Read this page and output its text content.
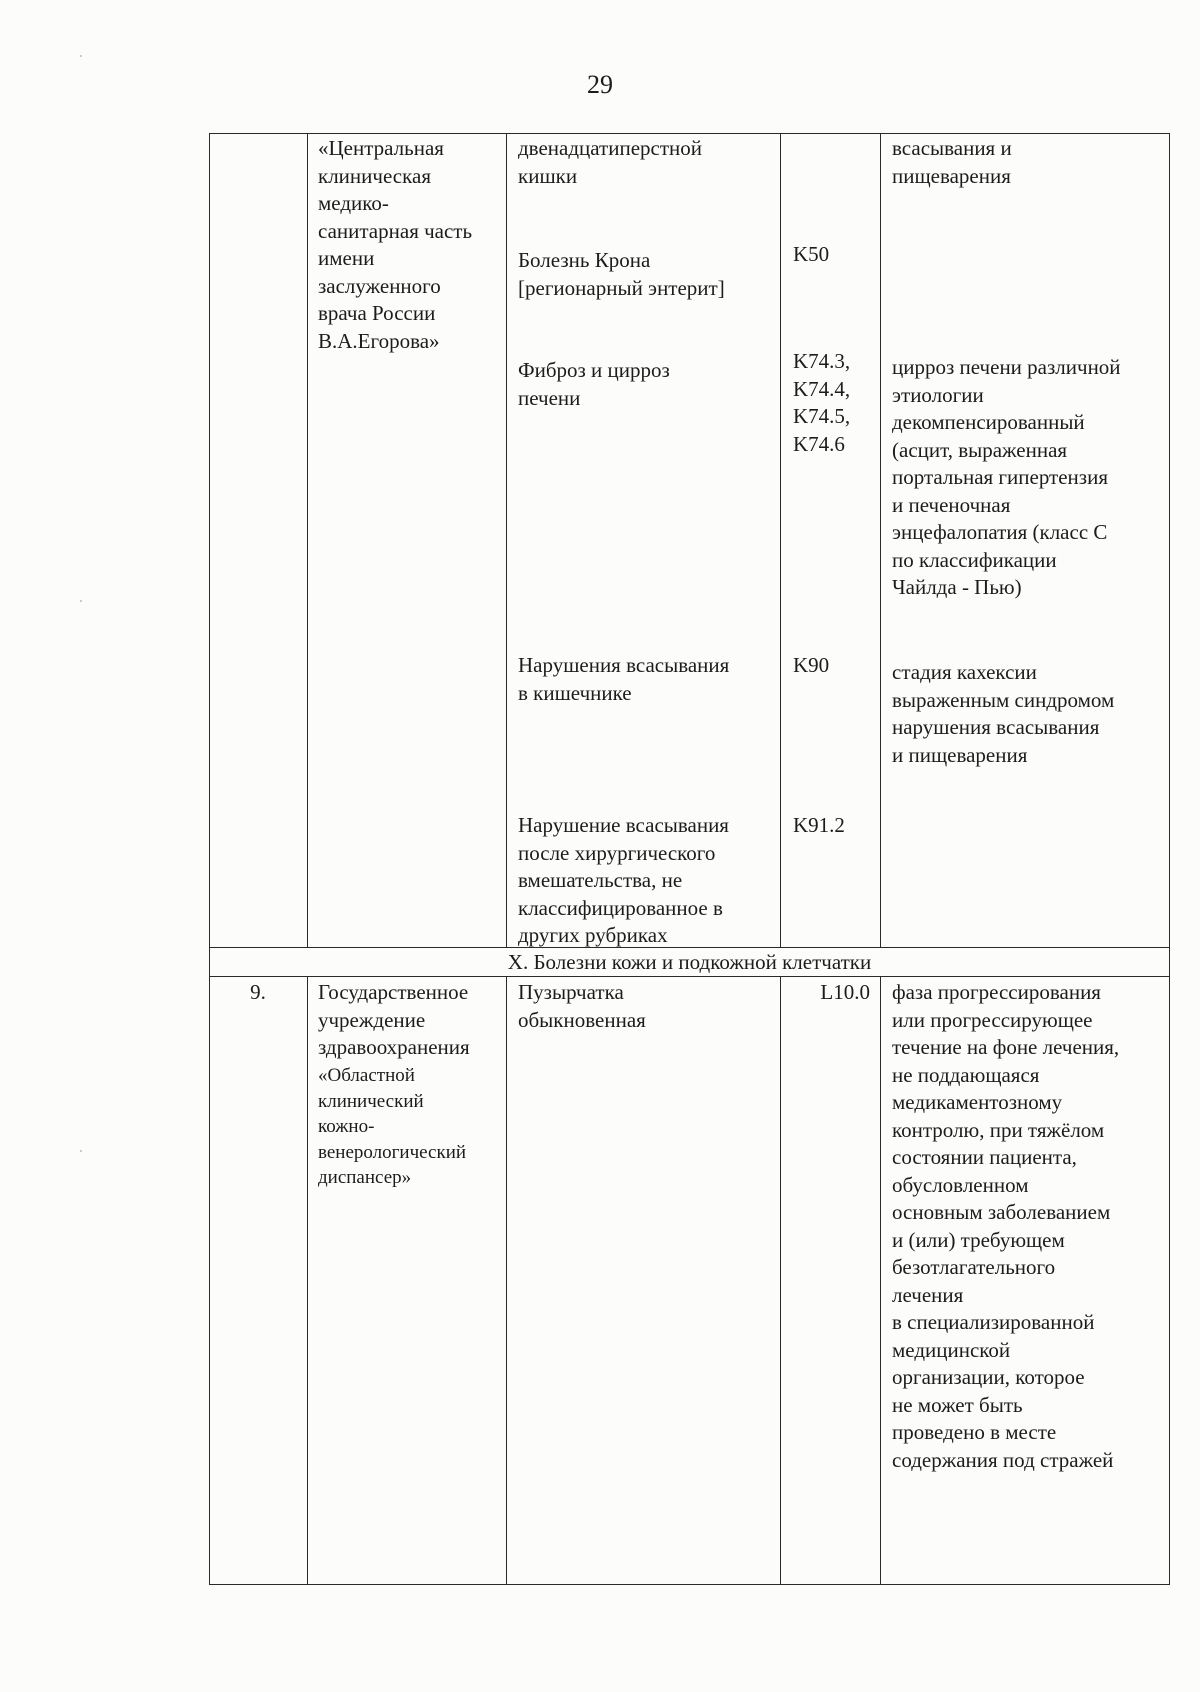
29
«Центральная
клиническая
медико-
санитарная часть
имени
заслуженного
врача России
В.А.Егорова»
двенадцатиперстной
кишки
всасывания и
пищеварения
Болезнь Крона
[регионарный энтерит]
K50
Фиброз и цирроз
печени
K74.3,
K74.4,
K74.5,
K74.6
цирроз печени различной
этиологии
декомпенсированный
(асцит, выраженная
портальная гипертензия
и печеночная
энцефалопатия (класс С
по классификации
Чайлда - Пью)
Нарушения всасывания
в кишечнике
K90	стадия кахексии
выраженным синдромом
нарушения всасывания
и пищеварения
Нарушение всасывания
после хирургического
вмешательства, не
классифицированное в
других рубриках
K91.2
X. Болезни кожи и подкожной клетчатки
9.	Государственное
учреждение
здравоохранения
«Областной
клинический
кожно-
венерологический
диспансер»
Пузырчатка
обыкновенная
L10.0 фаза прогрессирования
или прогрессирующее
течение на фоне лечения,
не поддающаяся
медикаментозному
контролю, при тяжёлом
состоянии пациента,
обусловленном
основным заболеванием
и (или) требующем
безотлагательного
лечения
в специализированной
медицинской
организации, которое
не может быть
проведено в месте
содержания под стражей
